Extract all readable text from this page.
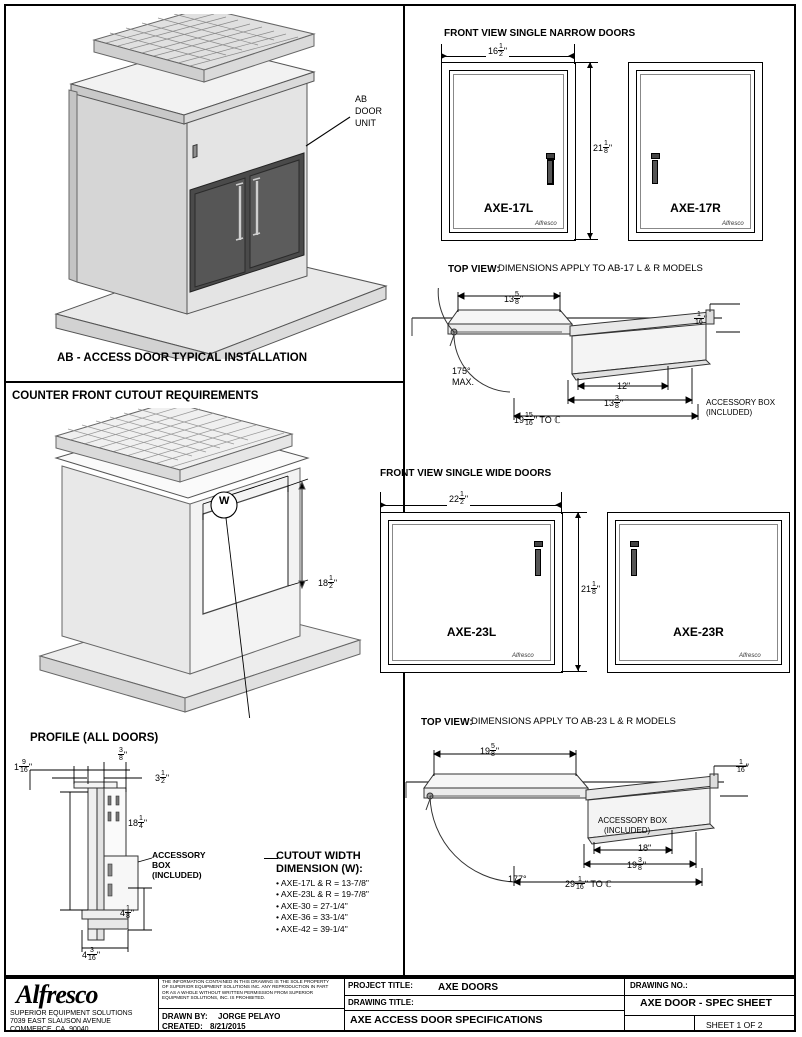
AB
DOOR
UNIT
AB - ACCESS DOOR TYPICAL INSTALLATION
COUNTER FRONT CUTOUT REQUIREMENTS
W
$18 \frac{1}{2}$ "
CUTOUT WIDTH
DIMENSION (W):
• AXE-17L & R = 13-7/8"
• AXE-23L & R = 19-7/8"
• AXE-30 = 27-1/4"
• AXE-36 = 33-1/4"
• AXE-42 = 39-1/4"
PROFILE (ALL DOORS)
$1 \frac{9}{16}$ "
$\frac{3}{8}$ "
$3 \frac{1}{2}$ "
$18 \frac{1}{4}$ "
$4 \frac{1}{8}$ "
$4 \frac{3}{16}$ "
ACCESSORY
BOX
(INCLUDED)
FRONT VIEW SINGLE NARROW DOORS
AXE-17L
Alfresco
AXE-17R
Alfresco
$16 \frac{1}{2}$ "
$21 \frac{1}{8}$ "
TOP VIEW:
DIMENSIONS APPLY TO AB-17 L & R MODELS
$13 \frac{5}{8}$ "
$\frac{1}{16}$ "
175°
MAX.	12"
$13 \frac{3}{8}$ "
$19 \frac{15}{16}$ " TO ℂ
ACCESSORY BOX
(INCLUDED)
FRONT VIEW SINGLE WIDE DOORS
AXE-23L
Alfresco
AXE-23R
Alfresco
$22 \frac{1}{2}$ "
$21 \frac{1}{8}$ "
TOP VIEW:
DIMENSIONS APPLY TO AB-23 L & R MODELS
$19 \frac{5}{8}$ "
$\frac{1}{16}$ "
177°
18"
$19 \frac{3}{8}$ "
$29 \frac{1}{16}$ " TO ℂ
ACCESSORY BOX
(INCLUDED)
Alfresco
SUPERIOR EQUIPMENT SOLUTIONS
7039 EAST SLAUSON AVENUE
COMMERCE, CA. 90040
THE INFORMATION CONTAINED IN THIS DRAWING IS THE SOLE PROPERTY OF SUPERIOR EQUIPMENT SOLUTIONS INC. ANY REPRODUCTION IN PART OR AS A WHOLE WITHOUT WRITTEN PERMISSION FROM SUPERIOR EQUIPMENT SOLUTIONS, INC. IS PROHIBITED.
DRAWN BY: JORGE PELAYO
CREATED: 8/21/2015
PROJECT TITLE:	AXE DOORS
DRAWING TITLE:
AXE ACCESS DOOR SPECIFICATIONS
DRAWING NO.:
AXE DOOR - SPEC SHEET
SHEET 1 OF 2
